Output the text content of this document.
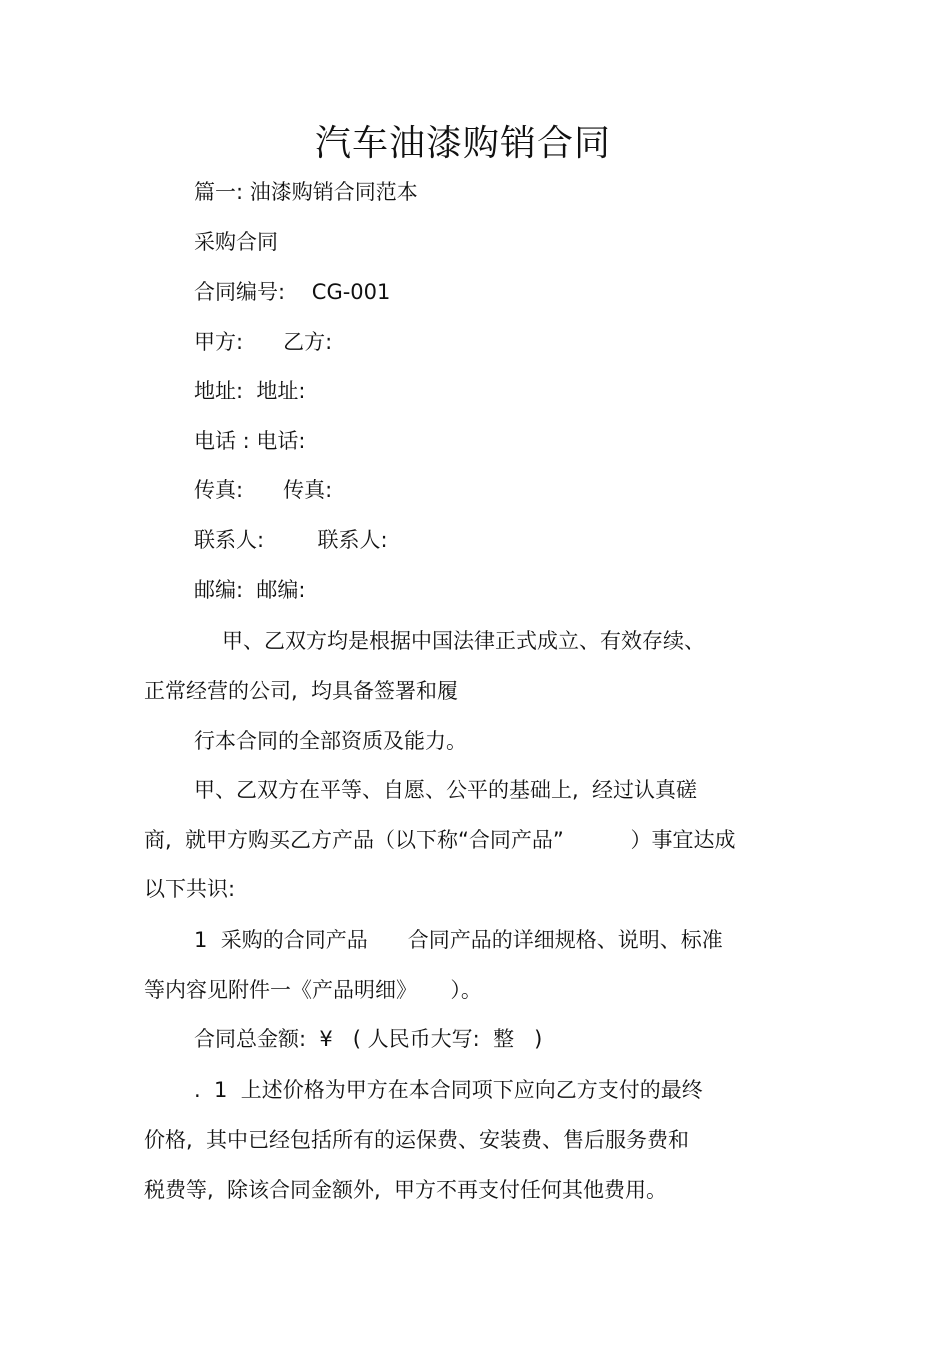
汽车油漆购销合同
篇一: 油漆购销合同范本
采购合同
合同编号:    CG-001
甲方:      乙方:
地址:  地址:
电话 : 电话:
传真:      传真:
联系人:        联系人:
邮编:  邮编:
甲、乙双方均是根据中国法律正式成立、有效存续、
正常经营的公司,  均具备签署和履
行本合同的全部资质及能力。
甲、乙双方在平等、自愿、公平的基础上,  经过认真磋
商,  就甲方购买乙方产品（以下称“合同产品”          ）事宜达成
以下共识:
1  采购的合同产品      合同产品的详细规格、说明、标准
等内容见附件一《产品明细》     ）。
合同总金额:  ¥   ( 人民币大写:  整   )
.  1  上述价格为甲方在本合同项下应向乙方支付的最终
价格,  其中已经包括所有的运保费、安装费、售后服务费和
税费等,  除该合同金额外,  甲方不再支付任何其他费用。
